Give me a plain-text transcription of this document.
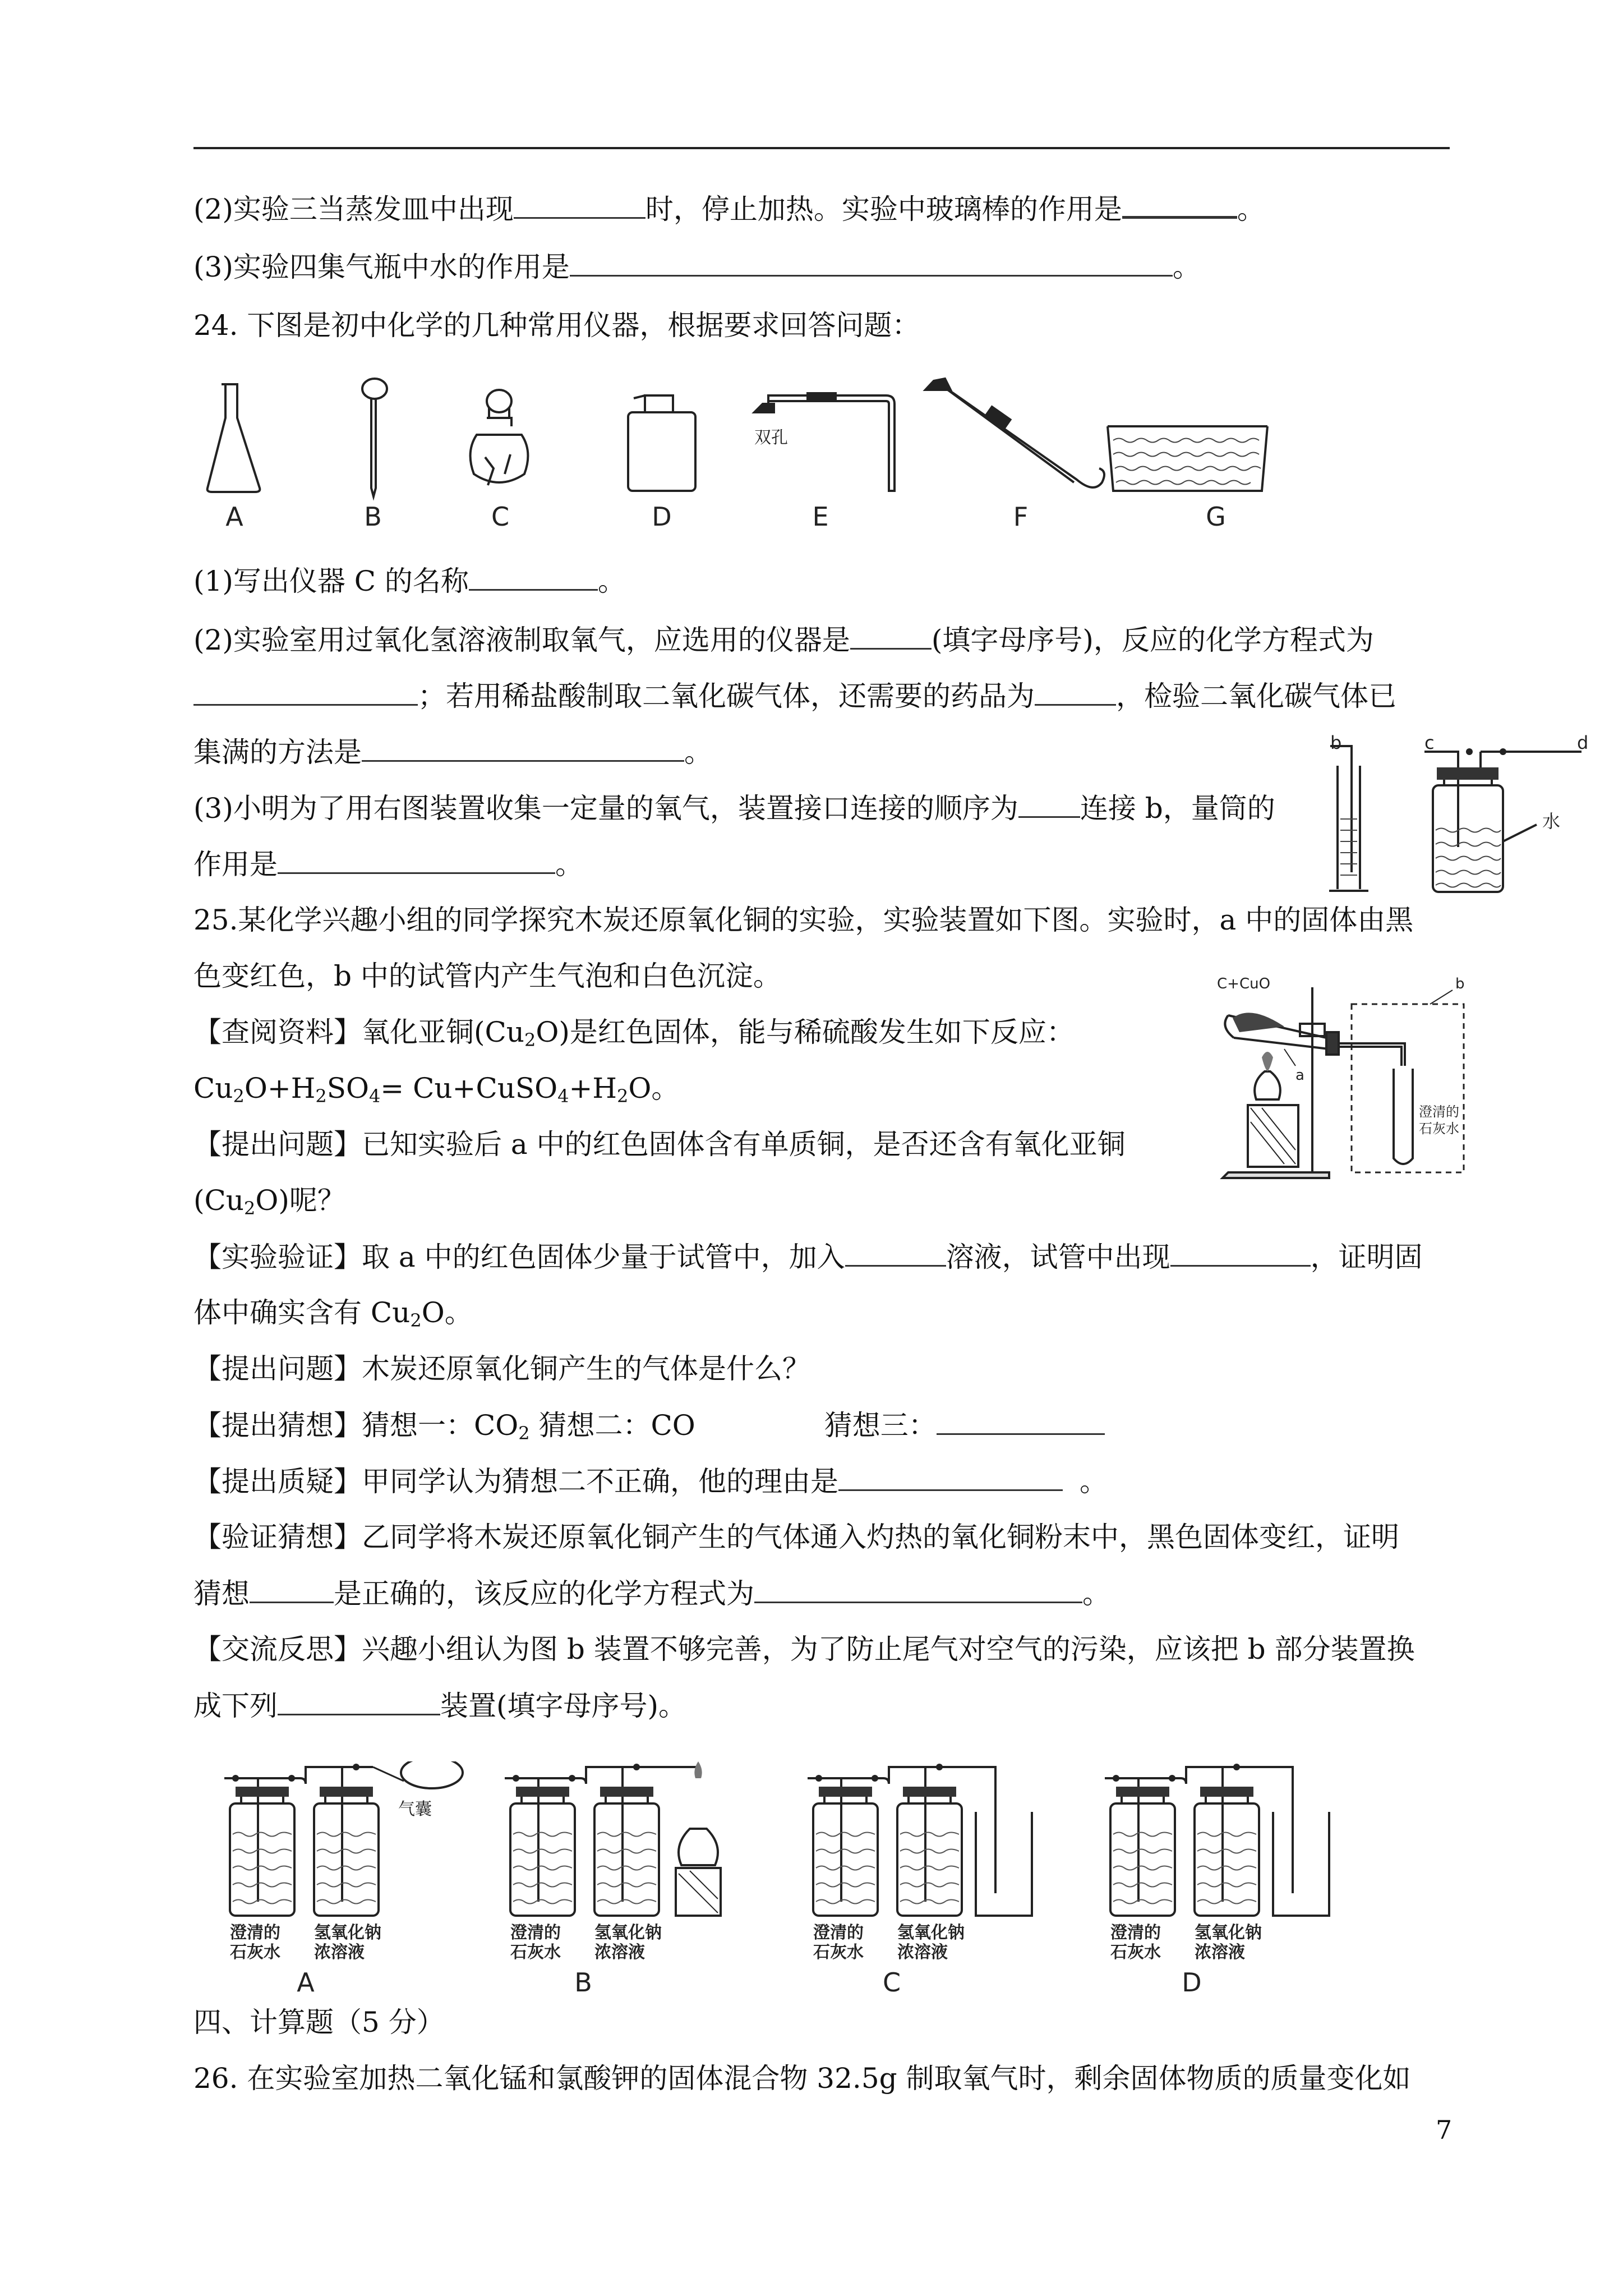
(2)实验三当蒸发皿中出现	时，停止加热。实验中玻璃棒的作用是	。
(3)实验四集气瓶中水的作用是	。
24. 下图是初中化学的几种常用仪器，根据要求回答问题：
双孔
A	B	C	D	E	F	G
(1)写出仪器 C 的名称	。
(2)实验室用过氧化氢溶液制取氧气，应选用的仪器是	(填字母序号)，反应的化学方程式为
；若用稀盐酸制取二氧化碳气体，还需要的药品为	，检验二氧化碳气体已
集满的方法是	。
(3)小明为了用右图装置收集一定量的氧气，装置接口连接的顺序为 连接 b，量筒的
作用是	。
b	c	d
水
25.某化学兴趣小组的同学探究木炭还原氧化铜的实验，实验装置如下图。实验时，a 中的固体由黑
色变红色，b 中的试管内产生气泡和白色沉淀。
【查阅资料】氧化亚铜$(Cu_2O)$是红色固体，能与稀硫酸发生如下反应：
$Cu_2O+H_2SO_4=$ $Cu+CuSO_4+H_2O$。
【提出问题】已知实验后 a 中的红色固体含有单质铜，是否还含有氧化亚铜
$(Cu_2O)$呢？
C+CuO
a
b
澄清的
石灰水
【实验验证】取 a 中的红色固体少量于试管中，加入	溶液，试管中出现	，证明固
体中确实含有 $Cu_2O$。
【提出问题】木炭还原氧化铜产生的气体是什么？
【提出猜想】猜想一：$CO_2$ 猜想二：CO	猜想三：
【提出质疑】甲同学认为猜想二不正确，他的理由是	。
【验证猜想】乙同学将木炭还原氧化铜产生的气体通入灼热的氧化铜粉末中，黑色固体变红，证明
猜想	是正确的，该反应的化学方程式为	。
【交流反思】兴趣小组认为图 b 装置不够完善，为了防止尾气对空气的污染，应该把 b 部分装置换
成下列	装置(填字母序号)。
气囊
澄清的
石灰水
氢氧化钠
浓溶液
澄清的
石灰水
氢氧化钠
浓溶液
澄清的
石灰水
氢氧化钠
浓溶液
澄清的
石灰水
氢氧化钠
浓溶液
A	B	C	D
四、计算题（5 分）
26. 在实验室加热二氧化锰和氯酸钾的固体混合物 32.5g 制取氧气时，剩余固体物质的质量变化如
7
